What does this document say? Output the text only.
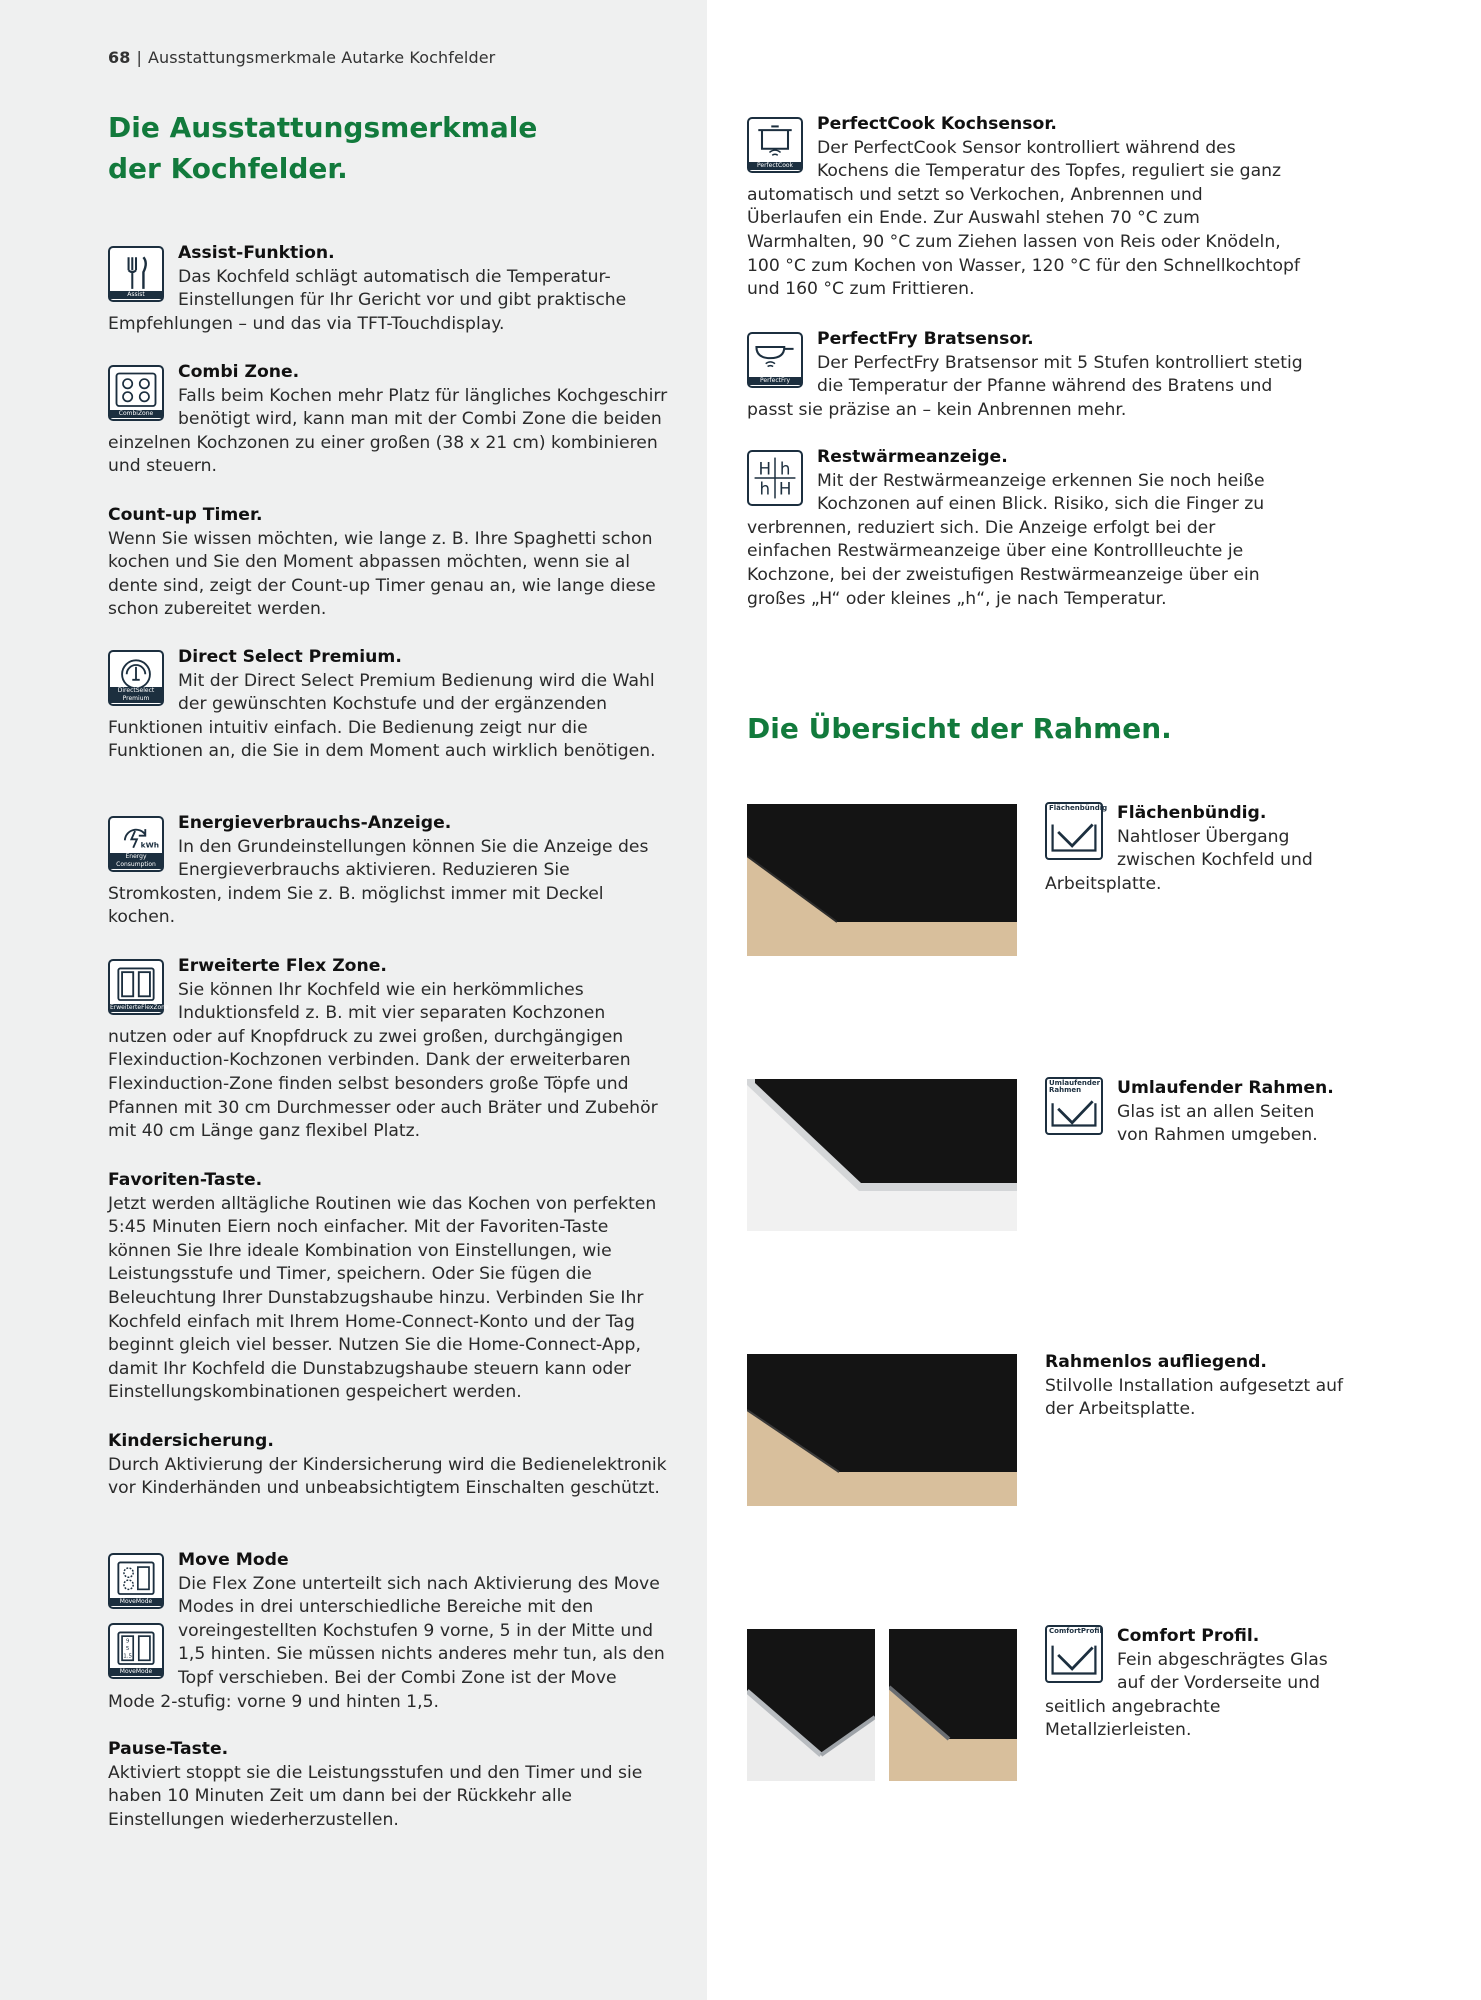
68 | Ausstattungsmerkmale Autarke Kochfelder
Die Ausstattungsmerkmale
der Kochfelder.
Assist
Assist-Funktion.

Das Kochfeld schlägt automatisch die Temperatur-Einstellungen für Ihr Gericht vor und gibt praktische Empfehlungen – und das via TFT-Touchdisplay.

CombiZone
Combi Zone.

Falls beim Kochen mehr Platz für längliches Kochgeschirr benötigt wird, kann man mit der Combi Zone die beiden einzelnen Kochzonen zu einer großen (38 x 21 cm) kombinieren und steuern.

Count-up Timer.

Wenn Sie wissen möchten, wie lange z. B. Ihre Spaghetti schon kochen und Sie den Moment abpassen möchten, wenn sie al dente sind, zeigt der Count-up Timer genau an, wie lange diese schon zubereitet werden.

DirectSelect Premium
Direct Select Premium.

Mit der Direct Select Premium Bedienung wird die Wahl der gewünschten Kochstufe und der ergänzenden Funktionen intuitiv einfach. Die Bedienung zeigt nur die Funktionen an, die Sie in dem Moment auch wirklich benötigen.

kWh
Energy Consumption
Energieverbrauchs-Anzeige.

In den Grundeinstellungen können Sie die Anzeige des Energieverbrauchs aktivieren. Reduzieren Sie Stromkosten, indem Sie z. B. möglichst immer mit Deckel kochen.

ErweiterteFlexZone
Erweiterte Flex Zone.

Sie können Ihr Kochfeld wie ein herkömmliches Induktionsfeld z. B. mit vier separaten Kochzonen nutzen oder auf Knopfdruck zu zwei großen, durchgängigen Flexinduction-Kochzonen verbinden. Dank der erweiterbaren Flexinduction-Zone finden selbst besonders große Töpfe und Pfannen mit 30 cm Durchmesser oder auch Bräter und Zubehör mit 40 cm Länge ganz flexibel Platz.

Favoriten-Taste.

Jetzt werden alltägliche Routinen wie das Kochen von perfekten 5:45 Minuten Eiern noch einfacher. Mit der Favoriten-Taste können Sie Ihre ideale Kombination von Einstellungen, wie Leistungsstufe und Timer, speichern. Oder Sie fügen die Beleuchtung Ihrer Dunstabzugshaube hinzu. Verbinden Sie Ihr Kochfeld einfach mit Ihrem Home-Connect-Konto und der Tag beginnt gleich viel besser. Nutzen Sie die Home-Connect-App, damit Ihr Kochfeld die Dunstabzugshaube steuern kann oder Einstellungskombinationen gespeichert werden.

Kindersicherung.

Durch Aktivierung der Kindersicherung wird die Bedienelektronik vor Kinderhänden und unbeabsichtigtem Einschalten geschützt.

MoveMode
9
5
1.5
MoveMode
Move Mode

Die Flex Zone unterteilt sich nach Aktivierung des Move Modes in drei unterschiedliche Bereiche mit den voreingestellten Kochstufen 9 vorne, 5 in der Mitte und 1,5 hinten. Sie müssen nichts anderes mehr tun, als den Topf verschieben. Bei der Combi Zone ist der Move Mode 2-stufig: vorne 9 und hinten 1,5.

Pause-Taste.

Aktiviert stoppt sie die Leistungsstufen und den Timer und sie haben 10 Minuten Zeit um dann bei der Rückkehr alle Einstellungen wiederherzustellen.

PerfectCook
PerfectCook Kochsensor.

Der PerfectCook Sensor kontrolliert während des Kochens die Temperatur des Topfes, reguliert sie ganz automatisch und setzt so Verkochen, Anbrennen und Überlaufen ein Ende. Zur Auswahl stehen 70 °C zum Warmhalten, 90 °C zum Ziehen lassen von Reis oder Knödeln, 100 °C zum Kochen von Wasser, 120 °C für den Schnellkochtopf und 160 °C zum Frittieren.

PerfectFry
PerfectFry Bratsensor.

Der PerfectFry Bratsensor mit 5 Stufen kontrolliert stetig die Temperatur der Pfanne während des Bratens und passt sie präzise an – kein Anbrennen mehr.

H h
h H
Restwärmeanzeige.

Mit der Restwärmeanzeige erkennen Sie noch heiße Kochzonen auf einen Blick. Risiko, sich die Finger zu verbrennen, reduziert sich. Die Anzeige erfolgt bei der einfachen Restwärmeanzeige über eine Kontrollleuchte je Kochzone, bei der zweistufigen Restwärmeanzeige über ein großes „H“ oder kleines „h“, je nach Temperatur.

Die Übersicht der Rahmen.
Flächenbündig Flächenbündig.

Nahtloser Übergang zwischen Kochfeld und Arbeitsplatte.

Umlaufender Rahmen	Umlaufender Rahmen.

Glas ist an allen Seiten von Rahmen umgeben.

Rahmenlos aufliegend.

Stilvolle Installation aufgesetzt auf der Arbeitsplatte.

ComfortProfil Comfort Profil.

Fein abgeschrägtes Glas auf der Vorderseite und seitlich angebrachte Metallzierleisten.
